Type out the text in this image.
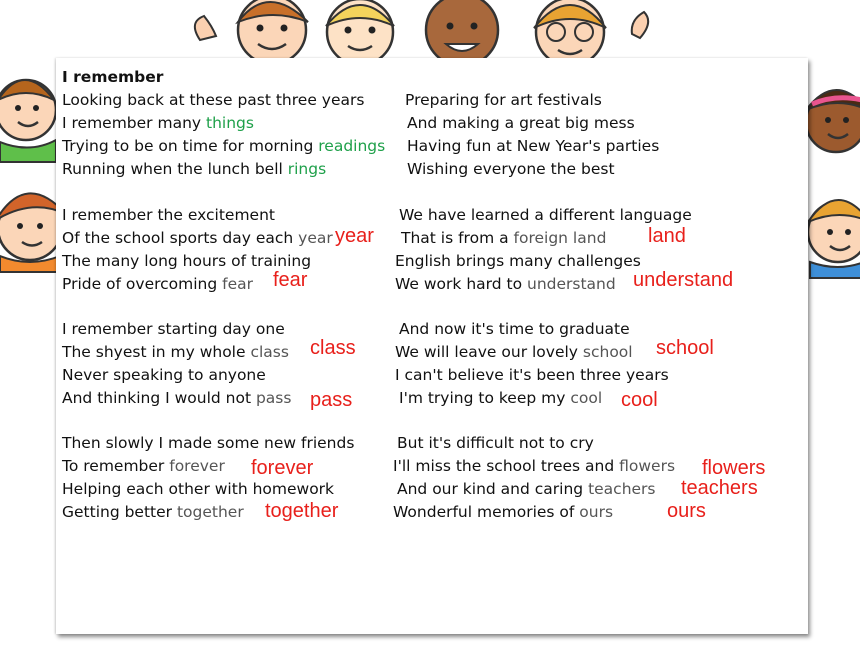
I remember
Looking back at these past three years
I remember many things
Trying to be on time for morning readings
Running when the lunch bell rings
I remember the excitement
Of the school sports day each year
The many long hours of training
Pride of overcoming fear
I remember starting day one
The shyest in my whole class
Never speaking to anyone
And thinking I would not pass
Then slowly I made some new friends
To remember forever
Helping each other with homework
Getting better together
Preparing for art festivals
And making a great big mess
Having fun at New Year's parties
Wishing everyone the best
We have learned a different language
That is from a foreign land
English brings many challenges
We work hard to understand
And now it's time to graduate
We will leave our lovely school
I can't believe it's been three years
I'm trying to keep my cool
But it's difficult not to cry
I'll miss the school trees and flowers
And our kind and caring teachers
Wonderful memories of ours
year	land
fear	understand
class	school
pass	cool
forever	flowers
teachers
together	ours
